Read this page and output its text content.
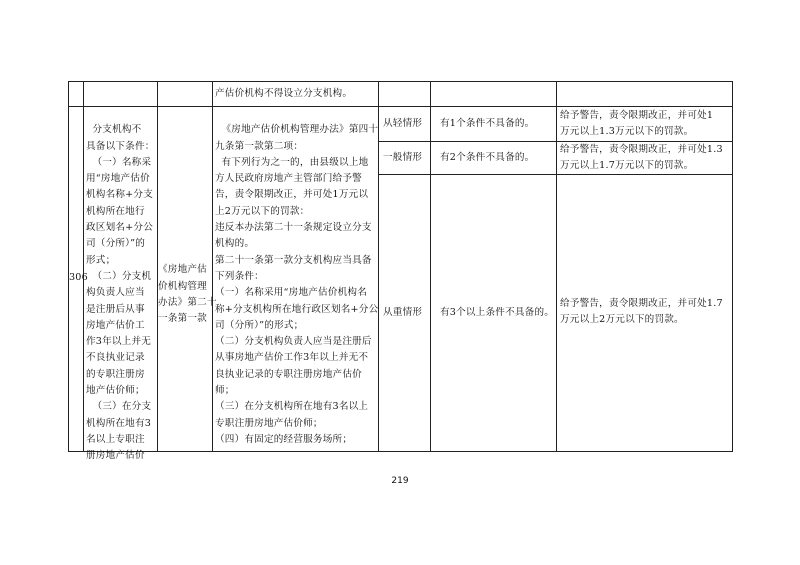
产估价机构不得设立分支机构。
306

分支机构不
具备以下条件：
（一）名称采
用“房地产估价
机构名称+分支
机构所在地行
政区划名+分公
司（分所）”的
形式；
（二）分支机
构负责人应当
是注册后从事
房地产估价工
作3年以上并无
不良执业记录
的专职注册房
地产估价师；
（三）在分支
机构所在地有3
名以上专职注
册房地产估价

《房地产估
价机构管理
办法》第二十
一条第一款

《房地产估价机构管理办法》第四十
九条第一款第二项：
有下列行为之一的，由县级以上地
方人民政府房地产主管部门给予警
告，责令限期改正，并可处1万元以
上2万元以下的罚款：
违反本办法第二十一条规定设立分支
机构的。
第二十一条第一款分支机构应当具备
下列条件：
（一）名称采用“房地产估价机构名
称+分支机构所在地行政区划名+分公
司（分所）”的形式；
（二）分支机构负责人应当是注册后
从事房地产估价工作3年以上并无不
良执业记录的专职注册房地产估价
师；
（三）在分支机构所在地有3名以上
专职注册房地产估价师；
（四）有固定的经营服务场所；
从轻情形 有1个条件不具备的。
给予警告，责令限期改正，并可处1
万元以上1.3万元以下的罚款。
一般情形 有2个条件不具备的。
给予警告，责令限期改正，并可处1.3
万元以上1.7万元以下的罚款。
从重情形 有3个以上条件不具备的。
给予警告，责令限期改正，并可处1.7
万元以上2万元以下的罚款。
219
